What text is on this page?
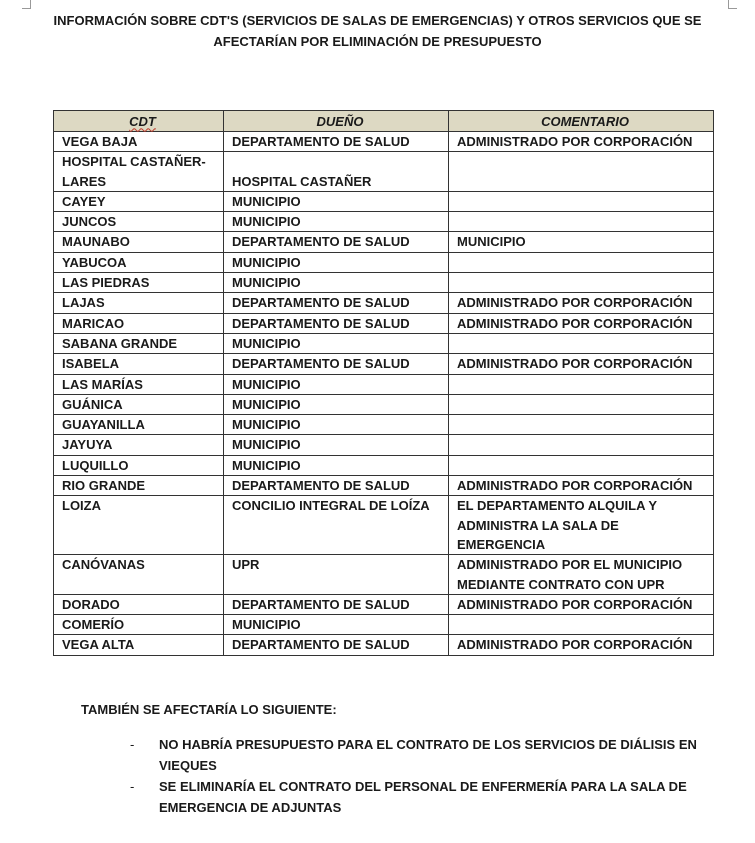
INFORMACIÓN SOBRE CDT'S (SERVICIOS DE SALAS DE EMERGENCIAS) Y OTROS SERVICIOS QUE SE
AFECTARÍAN POR ELIMINACIÓN DE PRESUPUESTO
CDT	DUEÑO	COMENTARIO
VEGA BAJA	DEPARTAMENTO DE SALUD	ADMINISTRADO POR CORPORACIÓN
HOSPITAL CASTAÑER-LARES	HOSPITAL CASTAÑER	
CAYEY	MUNICIPIO	
JUNCOS	MUNICIPIO	
MAUNABO	DEPARTAMENTO DE SALUD	MUNICIPIO
YABUCOA	MUNICIPIO	
LAS PIEDRAS	MUNICIPIO	
LAJAS	DEPARTAMENTO DE SALUD	ADMINISTRADO POR CORPORACIÓN
MARICAO	DEPARTAMENTO DE SALUD	ADMINISTRADO POR CORPORACIÓN
SABANA GRANDE	MUNICIPIO	
ISABELA	DEPARTAMENTO DE SALUD	ADMINISTRADO POR CORPORACIÓN
LAS MARÍAS	MUNICIPIO	
GUÁNICA	MUNICIPIO	
GUAYANILLA	MUNICIPIO	
JAYUYA	MUNICIPIO	
LUQUILLO	MUNICIPIO	
RIO GRANDE	DEPARTAMENTO DE SALUD	ADMINISTRADO POR CORPORACIÓN
LOIZA	CONCILIO INTEGRAL DE LOÍZA	EL DEPARTAMENTO ALQUILA Y ADMINISTRA LA SALA DE EMERGENCIA
CANÓVANAS	UPR	ADMINISTRADO POR EL MUNICIPIO MEDIANTE CONTRATO CON UPR
DORADO	DEPARTAMENTO DE SALUD	ADMINISTRADO POR CORPORACIÓN
COMERÍO	MUNICIPIO	
VEGA ALTA	DEPARTAMENTO DE SALUD	ADMINISTRADO POR CORPORACIÓN
TAMBIÉN SE AFECTARÍA LO SIGUIENTE:
- NO HABRÍA PRESUPUESTO PARA EL CONTRATO DE LOS SERVICIOS DE DIÁLISIS EN VIEQUES
- SE ELIMINARÍA EL CONTRATO DEL PERSONAL DE ENFERMERÍA PARA LA SALA DE EMERGENCIA DE ADJUNTAS
